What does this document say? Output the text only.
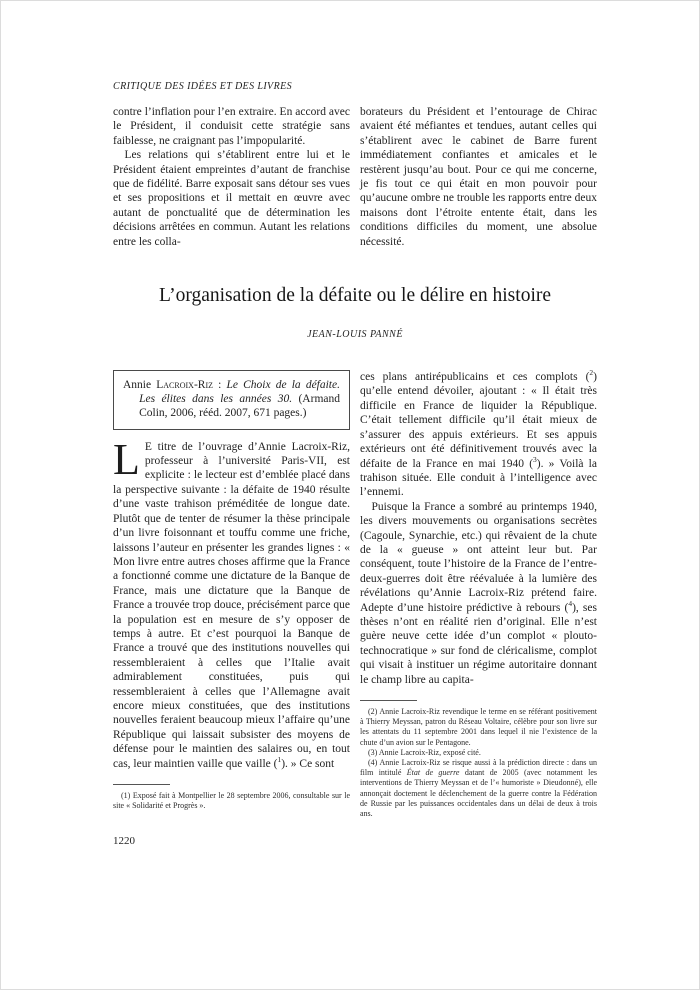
CRITIQUE DES IDÉES ET DES LIVRES

contre l’inflation pour l’en extraire. En accord avec le Président, il conduisit cette stratégie sans faiblesse, ne craignant pas l’impopularité.

Les relations qui s’établirent entre lui et le Président étaient empreintes d’autant de franchise que de fidélité. Barre exposait sans détour ses vues et ses propositions et il mettait en œuvre avec autant de ponctualité que de détermination les décisions arrêtées en commun. Autant les relations entre les colla-

borateurs du Président et l’entourage de Chirac avaient été méfiantes et tendues, autant celles qui s’établirent avec le cabinet de Barre furent immédiatement confiantes et amicales et le restèrent jusqu’au bout. Pour ce qui me concerne, je fis tout ce qui était en mon pouvoir pour qu’aucune ombre ne trouble les rapports entre deux maisons dont l’étroite entente était, dans les conditions difficiles du moment, une absolue nécessité.

L’organisation de la défaite ou le délire en histoire
JEAN-LOUIS PANNÉ

Annie Lacroix-Riz : Le Choix de la défaite. Les élites dans les années 30. (Armand Colin, 2006, rééd. 2007, 671 pages.)

L E titre de l’ouvrage d’Annie Lacroix-Riz, professeur à l’université Paris-VII, est explicite : le lecteur est d’emblée placé dans la perspective suivante : la défaite de 1940 résulte d’une vaste trahison préméditée de longue date. Plutôt que de tenter de résumer la thèse principale d’un livre foisonnant et touffu comme une friche, laissons l’auteur en présenter les grandes lignes : « Mon livre entre autres choses affirme que la France a fonctionné comme une dictature de la Banque de France, mais une dictature que la Banque de France a trouvée trop douce, précisément parce que la population est en mesure de s’y opposer de temps à autre. Et c’est pourquoi la Banque de France a trouvé que des institutions nouvelles qui ressembleraient à celles que l’Italie avait admirablement constituées, puis qui ressembleraient à celles que l’Allemagne avait encore mieux constituées, que des institutions nouvelles feraient beaucoup mieux l’affaire qu’une République qui laissait subsister des moyens de défense pour le maintien des salaires ou, en tout cas, leur maintien vaille que vaille ($^1$). » Ce sont

(1) Exposé fait à Montpellier le 28 septembre 2006, consultable sur le site « Solidarité et Progrès ».

ces plans antirépublicains et ces complots ($^2$) qu’elle entend dévoiler, ajoutant : « Il était très difficile en France de liquider la République. C’était tellement difficile qu’il était mieux de s’assurer des appuis extérieurs. Et ses appuis extérieurs ont été définitivement trouvés avec la défaite de la France en mai 1940 ($^3$). » Voilà la trahison située. Elle conduit à l’intelligence avec l’ennemi.

Puisque la France a sombré au printemps 1940, les divers mouvements ou organisations secrètes (Cagoule, Synarchie, etc.) qui rêvaient de la chute de la « gueuse » ont atteint leur but. Par conséquent, toute l’histoire de la France de l’entre-deux-guerres doit être réévaluée à la lumière des révélations qu’Annie Lacroix-Riz prétend faire. Adepte d’une histoire prédictive à rebours ($^4$), ses thèses n’ont en réalité rien d’original. Elle n’est guère neuve cette idée d’un complot « plouto-technocratique » sur fond de cléricalisme, complot qui visait à instituer un régime autoritaire donnant le champ libre au capita-

(2) Annie Lacroix-Riz revendique le terme en se référant positivement à Thierry Meyssan, patron du Réseau Voltaire, célèbre pour son livre sur les attentats du 11 septembre 2001 dans lequel il nie l’existence de la chute d’un avion sur le Pentagone.

(3) Annie Lacroix-Riz, exposé cité.

(4) Annie Lacroix-Riz se risque aussi à la prédiction directe : dans un film intitulé État de guerre datant de 2005 (avec notamment les interventions de Thierry Meyssan et de l’« humoriste » Dieudonné), elle annonçait doctement le déclenchement de la guerre contre la Fédération de Russie par les puissances occidentales dans un délai de deux à trois ans.

1220
